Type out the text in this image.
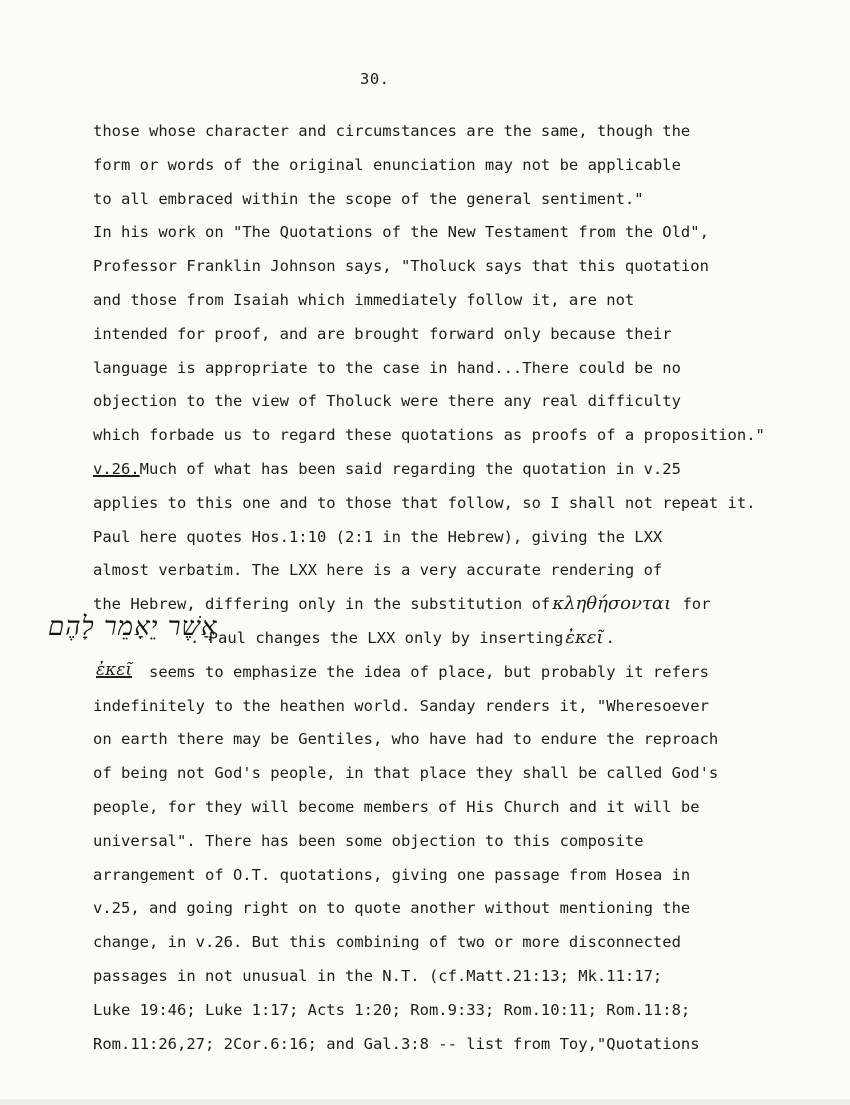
30.
אֲשֶׁר יֵאָמֵר לָהֶם
ἐκεῖ
those whose character and circumstances are the same, though the
form or words of the original enunciation may not be applicable
to all embraced within the scope of the general sentiment."
In his work on "The Quotations of the New Testament from the Old",
Professor Franklin Johnson says, "Tholuck says that this quotation
and those from Isaiah which immediately follow it, are not
intended for proof, and are brought forward only because their
language is appropriate to the case in hand...There could be no
objection to the view of Tholuck were there any real difficulty
which forbade us to regard these quotations as proofs of a proposition."
v.26.Much of what has been said regarding the quotation in v.25
applies to this one and to those that follow, so I shall not repeat it.
Paul here quotes Hos.1:10 (2:1 in the Hebrew), giving the LXX
almost verbatim. The LXX here is a very accurate rendering of
the Hebrew, differing only in the substitution of κληθήσονται for
. Paul changes the LXX only by inserting ἐκεῖ .
seems to emphasize the idea of place, but probably it refers
indefinitely to the heathen world. Sanday renders it, "Wheresoever
on earth there may be Gentiles, who have had to endure the reproach
of being not God's people, in that place they shall be called God's
people, for they will become members of His Church and it will be
universal". There has been some objection to this composite
arrangement of O.T. quotations, giving one passage from Hosea in
v.25, and going right on to quote another without mentioning the
change, in v.26. But this combining of two or more disconnected
passages in not unusual in the N.T. (cf.Matt.21:13; Mk.11:17;
Luke 19:46; Luke 1:17; Acts 1:20; Rom.9:33; Rom.10:11; Rom.11:8;
Rom.11:26,27; 2Cor.6:16; and Gal.3:8 -- list from Toy,"Quotations
